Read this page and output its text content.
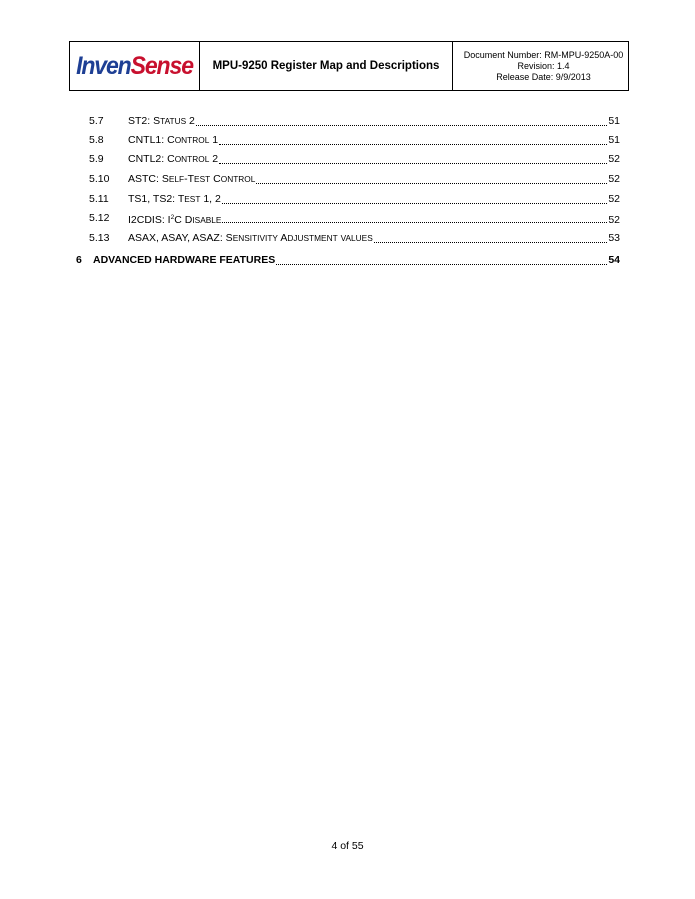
InvenSense	MPU-9250 Register Map and Descriptions
Document Number: RM-MPU-9250A-00
Revision: 1.4
Release Date: 9/9/2013
5.7 ST2: STATUS 2	51
5.8 CNTL1: CONTROL 1	51
5.9 CNTL2: CONTROL 2	52
5.10 ASTC: SELF-TEST CONTROL	52
5.11 TS1, TS2: TEST 1, 2	52
5.12 I2CDIS: $I^2C$ DISABLE	52
5.13 ASAX, ASAY, ASAZ: SENSITIVITY ADJUSTMENT VALUES	53
6 ADVANCED HARDWARE FEATURES	54
4 of 55
